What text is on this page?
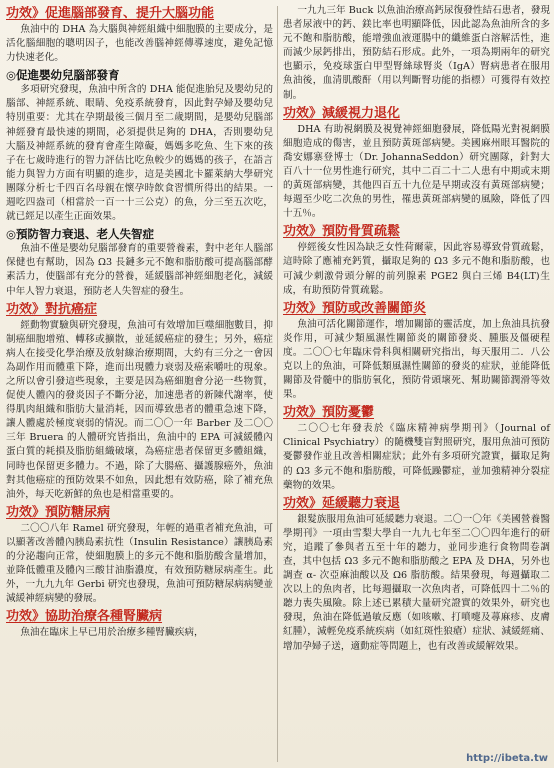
功效》促進腦部發育、提升大腦功能

魚油中的 DHA 為大腦與神經組織中細胞膜的主要成分，是活化腦細胞的聰明因子，也能改善腦神經傳導速度，避免記憶力快速老化。

◎促進嬰幼兒腦部發育

多項研究發現，魚油中所含的 DHA 能促進胎兒及嬰幼兒的腦部、神經系統、眼睛、免疫系統發育，因此對孕婦及嬰幼兒特別重要：尤其在孕期最後三個月至二歲期間，是嬰幼兒腦部神經發育最快速的期間，必須提供足夠的 DHA，否則嬰幼兒大腦及神經系統的發育會產生障礙，媽媽多吃魚、生下來的孩子在七歲時進行的智力評估比吃魚較少的媽媽的孩子，在語言能力與智力方面有明顯的進步，這是美國北卡羅萊納大學研究團隊分析七千四百名母親在懷孕時飲食習慣所得出的結果。一週吃四盎司（相當於一百一十三公克）的魚，分三至五次吃，就已經足以產生正面效果。

◎預防智力衰退、老人失智症

魚油不僅是嬰幼兒腦部發育的重要營養素，對中老年人腦部保健也有幫助，因為 Ω3 長鏈多元不飽和脂肪酸可提高腦部酵素活力，使腦部有充分的營養，延緩腦部神經細胞老化，減緩中年人智力衰退，預防老人失智症的發生。

功效》對抗癌症

經動物實驗與研究發現，魚油可有效增加巨噬細胞數目，抑制癌細胞增殖、轉移或擴散，並延緩癌症的發生；另外，癌症病人在接受化學治療及放射線治療期間，大約有三分之一會因為副作用而體重下降，進而出現體力衰弱及癌索嚼吐的現象。之所以會引發這些現象，主要是因為癌細胞會分泌一些物質，促使人體內的發炎因子不斷分泌，加速患者的新陳代謝率，使得肌肉組織和脂肪大量消耗，因而導致患者的體重急速下降，讓人體處於極度衰弱的情況。而二〇〇一年 Barber 及二〇〇三年 Bruera 的人體研究皆指出，魚油中的 EPA 可減緩體內蛋白質的耗損及脂肪組織破壞，為癌症患者保留更多體組織，同時也保留更多體力。不過，除了大腸癌、攝護腺癌外，魚油對其他癌症的預防效果不如魚，因此想有效防癌，除了補充魚油外，每天吃新鮮的魚也是相當重要的。

功效》預防糖尿病

二〇〇八年 Ramel 研究發現，年輕的過重者補充魚油，可以顯著改善體內胰島素抗性（Insulin Resistance）讓胰島素的分泌趨向正常，使細胞膜上的多元不飽和脂肪酸含量增加，並降低體重及體內三酸甘油脂濃度，有效預防糖尿病產生。此外，一九九九年 Gerbi 研究也發現，魚油可預防糖尿病病變並減緩神經病變的發展。

功效》協助治療各種腎臟病

魚油在臨床上早已用於治療多種腎臟疾病，

一九九三年 Buck 以魚油治療高鈣尿復發性結石患者，發現患者尿液中的鈣、鎂比率也明顯降低，因此認為魚油所含的多元不飽和脂肪酸，能增強血液運腸中的纖維蛋白溶解活性，進而減少尿鈣排出，預防結石形成。此外，一項為期兩年的研究也顯示，免疫球蛋白甲型腎絲球腎炎（IgA）腎病患者在服用魚油後，血清肌酸酐（用以判斷腎功能的指標）可獲得有效控制。

功效》減緩視力退化

DHA 有助視網膜及視覺神經細胞發展，降低陽光對視網膜細胞造成的傷害，並且預防黃斑部病變。美國麻州眼耳醫院的喬安娜寨登博士（Dr. JohannaSeddon）研究團隊，針對大百八十一位男性進行研究，其中二百二十二人患有中期或末期的黃斑部病變，其他四百五十九位是早期或沒有黃斑部病變；每週至少吃二次魚的男性，罹患黃斑部病變的風險，降低了四十五％。

功效》預防骨質疏鬆

停經後女性因為缺乏女性荷爾蒙，因此容易導致骨質疏鬆，這時除了應補充鈣質，攝取足夠的 Ω3 多元不飽和脂肪酸，也可減少刺激骨頭分解的前列腺素 PGE2 與白三烯 B4(LT)生成，有助預防骨質疏鬆。

功效》預防或改善關節炎

魚油可活化關節運作，增加關節的靈活度，加上魚油具抗發炎作用，可減少類風濕性關節炎的關節發炎、腫脹及僵硬程度。二〇〇七年臨床骨科與相關研究指出，每天服用二．八公克以上的魚油，可降低類風濕性關節的發炎的症狀，並能降低關節及骨髓中的脂肪氧化，預防骨頭壞死、幫助關節潤滑等效果。

功效》預防憂鬱

二〇〇七年發表於《臨床精神病學期刊》（Journal of Clinical Psychiatry）的隨機雙盲對照研究，服用魚油可預防憂鬱發作並且改善相關症狀；此外有多項研究證實，攝取足夠的 Ω3 多元不飽和脂肪酸，可降低躁鬱症，並加強精神分裂症藥物的效果。

功效》延緩聽力衰退

銀髮族服用魚油可延緩聽力衰退。二〇一〇年《美國營養醫學期刊》一項由雪梨大學自一九九七年至二〇〇四年進行的研究，追蹤了參與者五至十年的聽力，並同步進行食物問卷調查，其中包括 Ω3 多元不飽和脂肪酸之 EPA 及 DHA，另外也調查 α- 次亞麻油酸以及 Ω6 脂肪酸。結果發現，每週攝取二次以上的魚肉者，比每週攝取一次魚肉者，可降低四十二％的聽力喪失風險。除上述已累積大量研究證實的效果外，研究也發現，魚油在降低過敏反應（如咳嗽、打噴嚏及蕁麻疹、皮膚紅腫），減輕免疫系統疾病（如紅斑性狼瘡）症狀、減緩經痛、增加孕婦子送，適動症等問題上，也有改善或緩解效果。

http://ibeta.tw
